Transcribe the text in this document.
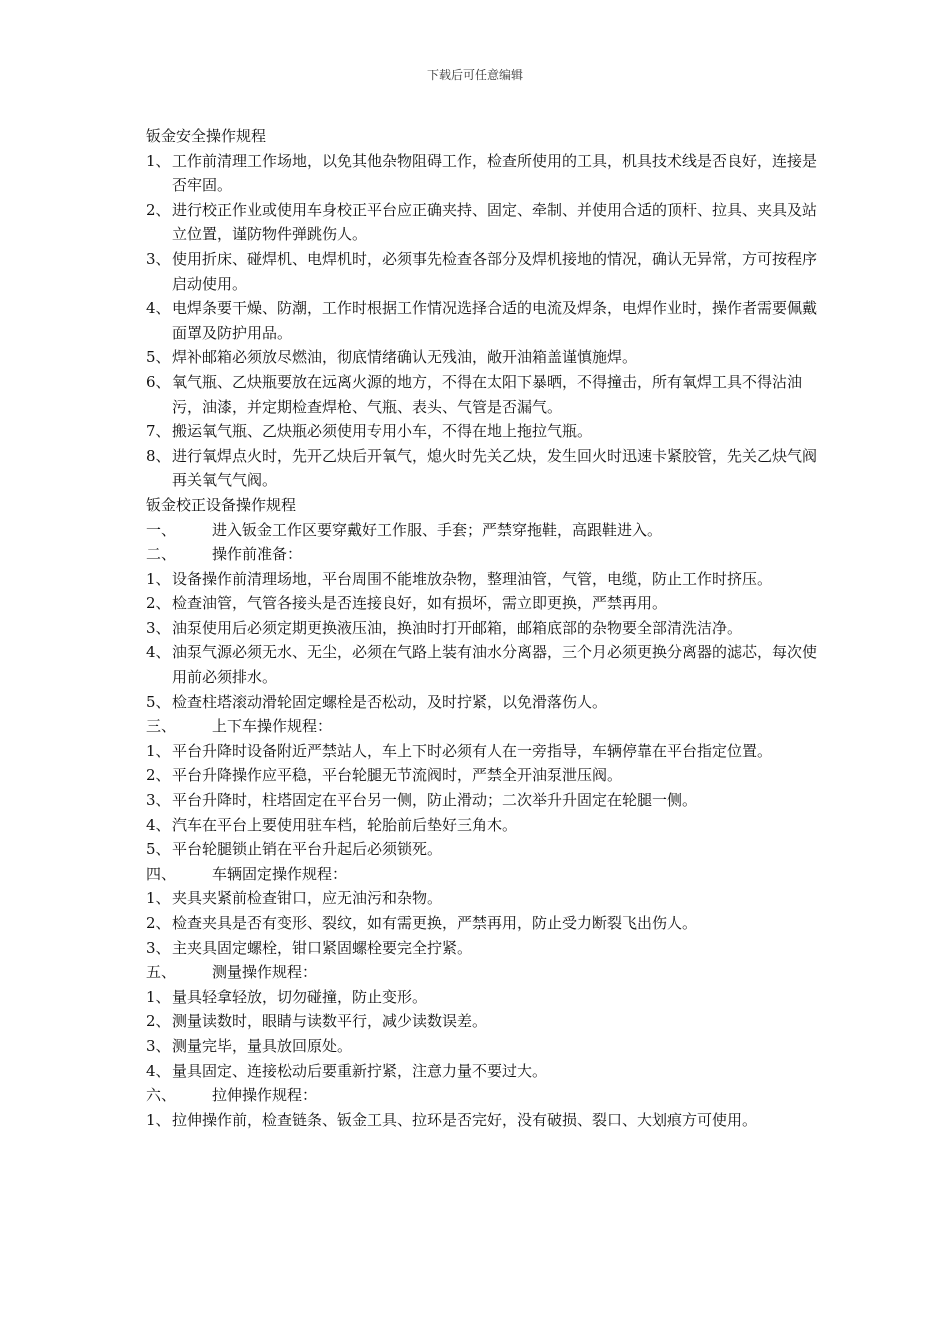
下载后可任意编辑
钣金安全操作规程
1、工作前清理工作场地，以免其他杂物阻碍工作，检查所使用的工具，机具技术线是否良好，连接是否牢固。
2、进行校正作业或使用车身校正平台应正确夹持、固定、牵制、并使用合适的顶杆、拉具、夹具及站立位置，谨防物件弹跳伤人。
3、使用折床、碰焊机、电焊机时，必须事先检查各部分及焊机接地的情况，确认无异常，方可按程序启动使用。
4、电焊条要干燥、防潮，工作时根据工作情况选择合适的电流及焊条，电焊作业时，操作者需要佩戴面罩及防护用品。
5、焊补邮箱必须放尽燃油，彻底情绪确认无残油，敞开油箱盖谨慎施焊。
6、氧气瓶、乙炔瓶要放在远离火源的地方，不得在太阳下暴晒，不得撞击，所有氧焊工具不得沾油污，油漆，并定期检查焊枪、气瓶、表头、气管是否漏气。
7、搬运氧气瓶、乙炔瓶必须使用专用小车，不得在地上拖拉气瓶。
8、进行氧焊点火时，先开乙炔后开氧气，熄火时先关乙炔，发生回火时迅速卡紧胶管，先关乙炔气阀再关氧气气阀。
钣金校正设备操作规程
一、 进入钣金工作区要穿戴好工作服、手套；严禁穿拖鞋，高跟鞋进入。
二、 操作前准备：
1、设备操作前清理场地，平台周围不能堆放杂物，整理油管，气管，电缆，防止工作时挤压。
2、检查油管，气管各接头是否连接良好，如有损坏，需立即更换，严禁再用。
3、油泵使用后必须定期更换液压油，换油时打开邮箱，邮箱底部的杂物要全部清洗洁净。
4、油泵气源必须无水、无尘，必须在气路上装有油水分离器，三个月必须更换分离器的滤芯，每次使用前必须排水。
5、检查柱塔滚动滑轮固定螺栓是否松动，及时拧紧，以免滑落伤人。
三、 上下车操作规程：
1、平台升降时设备附近严禁站人，车上下时必须有人在一旁指导，车辆停靠在平台指定位置。
2、平台升降操作应平稳，平台轮腿无节流阀时，严禁全开油泵泄压阀。
3、平台升降时，柱塔固定在平台另一侧，防止滑动；二次举升升固定在轮腿一侧。
4、汽车在平台上要使用驻车档，轮胎前后垫好三角木。
5、平台轮腿锁止销在平台升起后必须锁死。
四、 车辆固定操作规程：
1、夹具夹紧前检查钳口，应无油污和杂物。
2、检查夹具是否有变形、裂纹，如有需更换，严禁再用，防止受力断裂飞出伤人。
3、主夹具固定螺栓，钳口紧固螺栓要完全拧紧。
五、 测量操作规程：
1、量具轻拿轻放，切勿碰撞，防止变形。
2、测量读数时，眼睛与读数平行，减少读数误差。
3、测量完毕，量具放回原处。
4、量具固定、连接松动后要重新拧紧，注意力量不要过大。
六、 拉伸操作规程：
1、拉伸操作前，检查链条、钣金工具、拉环是否完好，没有破损、裂口、大划痕方可使用。
